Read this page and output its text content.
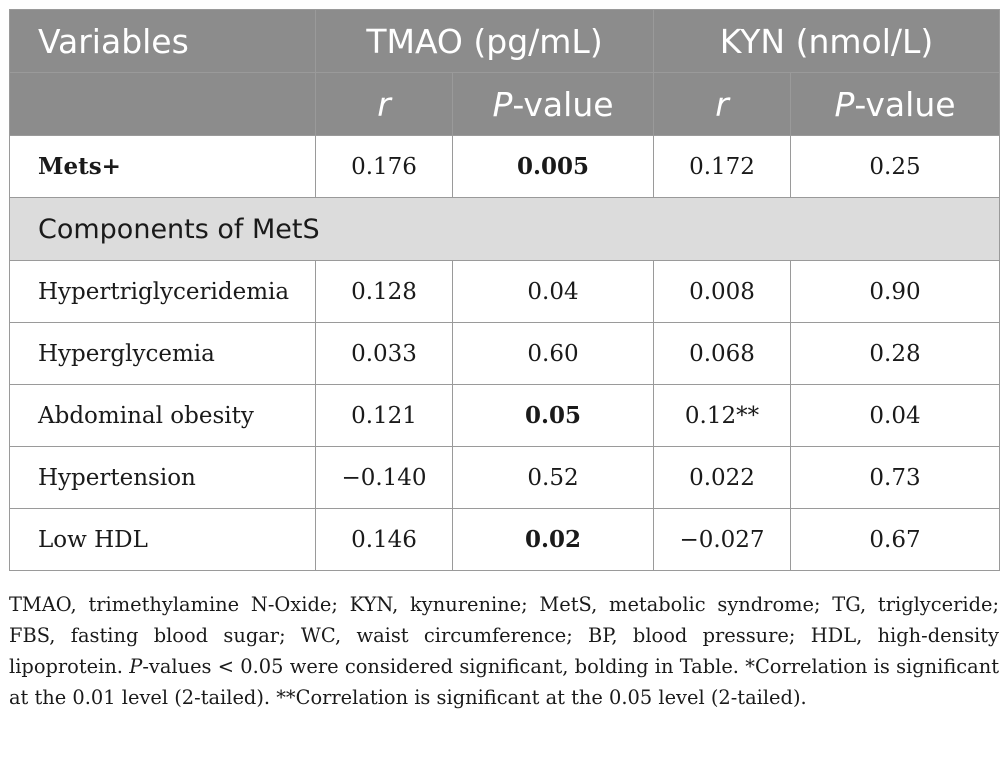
Variables	TMAO (pg/mL)		KYN (nmol/L)	
	r	P-value	r	P-value
Mets+	0.176	0.005	0.172	0.25
Components of MetS				
Hypertriglyceridemia	0.128	0.04	0.008	0.90
Hyperglycemia	0.033	0.60	0.068	0.28
Abdominal obesity	0.121	0.05	0.12**	0.04
Hypertension	−0.140	0.52	0.022	0.73
Low HDL	0.146	0.02	−0.027	0.67
TMAO, trimethylamine N-Oxide; KYN, kynurenine; MetS, metabolic syndrome; TG, triglyceride; FBS, fasting blood sugar; WC, waist circumference; BP, blood pressure; HDL, high-density lipoprotein. P-values < 0.05 were considered significant, bolding in Table. *Correlation is significant at the 0.01 level (2-tailed). **Correlation is significant at the 0.05 level (2-tailed).
